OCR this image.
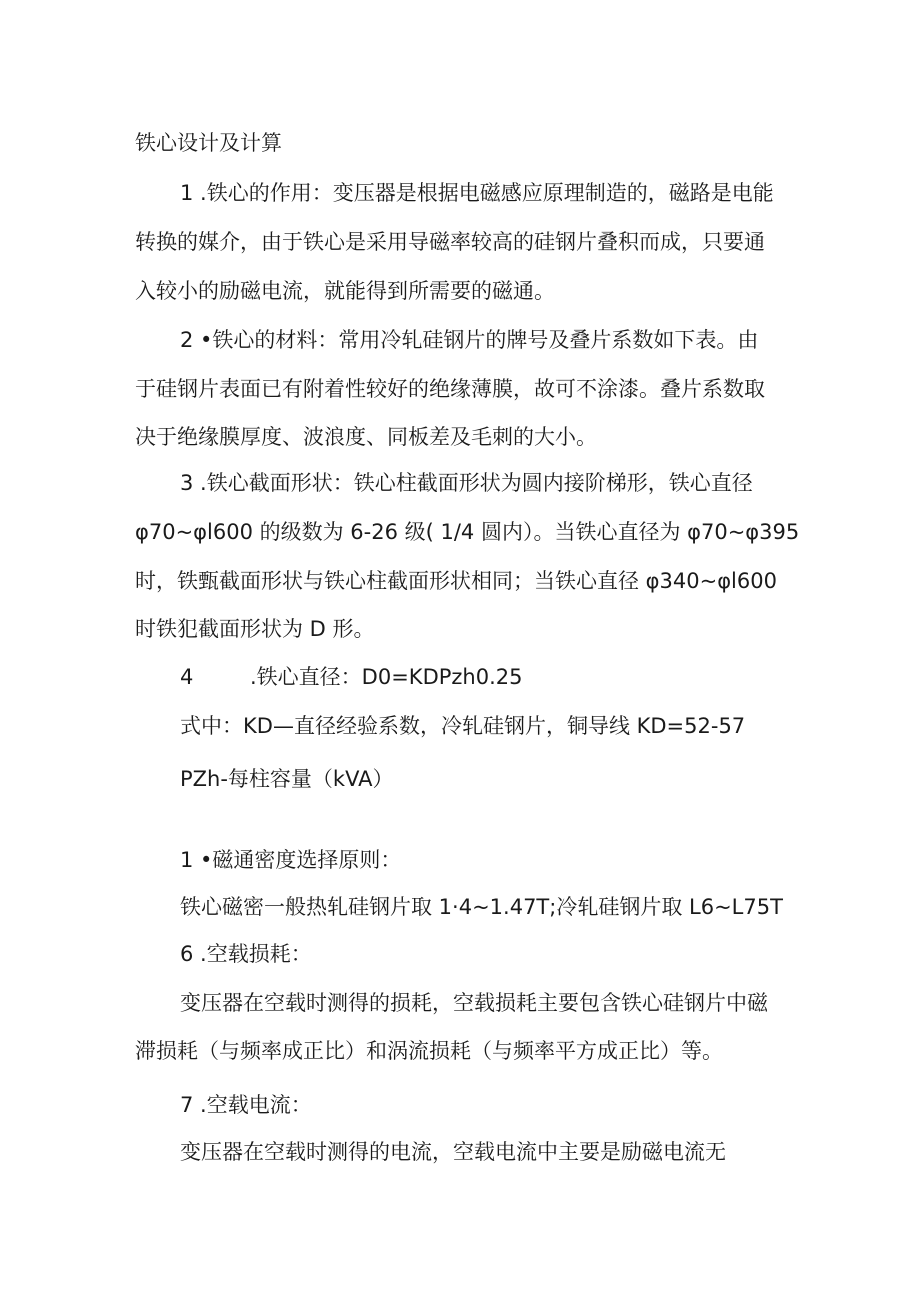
铁心设计及计算
1 .铁心的作用：变压器是根据电磁感应原理制造的，磁路是电能
转换的媒介，由于铁心是采用导磁率较高的硅钢片叠积而成，只要通
入较小的励磁电流，就能得到所需要的磁通。
2 •铁心的材料：常用冷轧硅钢片的牌号及叠片系数如下表。由
于硅钢片表面已有附着性较好的绝缘薄膜，故可不涂漆。叠片系数取
决于绝缘膜厚度、波浪度、同板差及毛刺的大小。
3 .铁心截面形状：铁心柱截面形状为圆内接阶梯形，铁心直径
φ70~φl600 的级数为 6-26 级( 1/4 圆内）。当铁心直径为 φ70~φ395
时，铁甄截面形状与铁心柱截面形状相同；当铁心直径 φ340~φl600
时铁犯截面形状为 D 形。
4	.铁心直径：D0=KDPzh0.25
式中：KD—直径经验系数，冷轧硅钢片，铜导线 KD=52-57
PZh-每柱容量（kVA）
1 •磁通密度选择原则：
铁心磁密一般热轧硅钢片取 1·4~1.47T;冷轧硅钢片取 L6~L75T
6 .空载损耗：
变压器在空载时测得的损耗，空载损耗主要包含铁心硅钢片中磁
滞损耗（与频率成正比）和涡流损耗（与频率平方成正比）等。
7 .空载电流：
变压器在空载时测得的电流，空载电流中主要是励磁电流无
